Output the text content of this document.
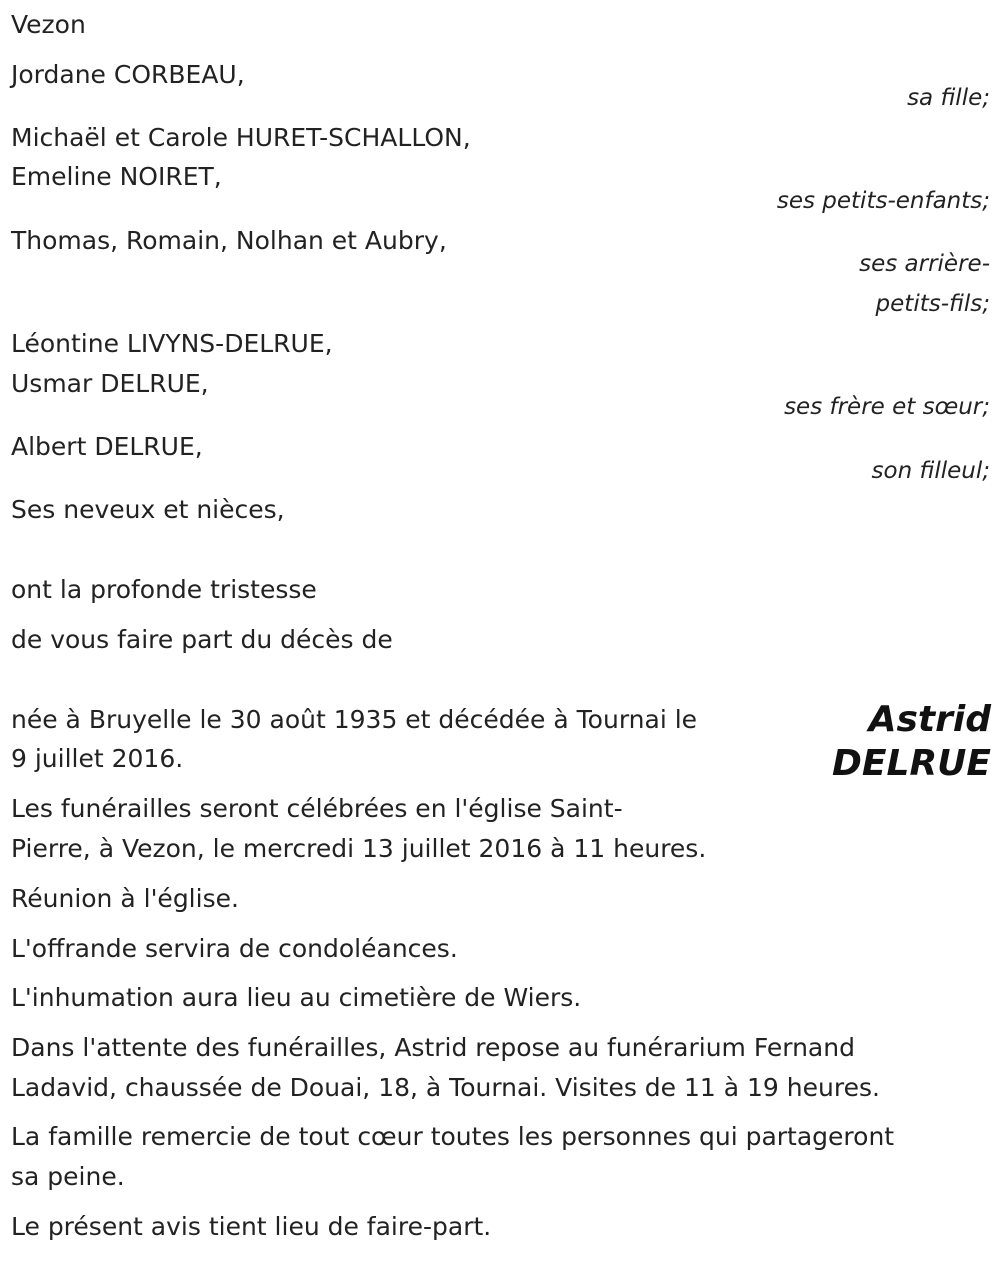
Vezon
Jordane CORBEAU,
sa fille;
Michaël et Carole HURET-SCHALLON,
Emeline NOIRET,
ses petits-enfants;
Thomas, Romain, Nolhan et Aubry,
ses arrière-
petits-fils;
Léontine LIVYNS-DELRUE,
Usmar DELRUE,
ses frère et sœur;
Albert DELRUE,
son filleul;
Ses neveux et nièces,
ont la profonde tristesse
de vous faire part du décès de
Astrid
DELRUE
née à Bruyelle le 30 août 1935 et décédée à Tournai le
9 juillet 2016.
Les funérailles seront célébrées en l'église Saint-
Pierre, à Vezon, le mercredi 13 juillet 2016 à 11 heures.
Réunion à l'église.
L'offrande servira de condoléances.
L'inhumation aura lieu au cimetière de Wiers.
Dans l'attente des funérailles, Astrid repose au funérarium Fernand
Ladavid, chaussée de Douai, 18, à Tournai. Visites de 11 à 19 heures.
La famille remercie de tout cœur toutes les personnes qui partageront
sa peine.
Le présent avis tient lieu de faire-part.
